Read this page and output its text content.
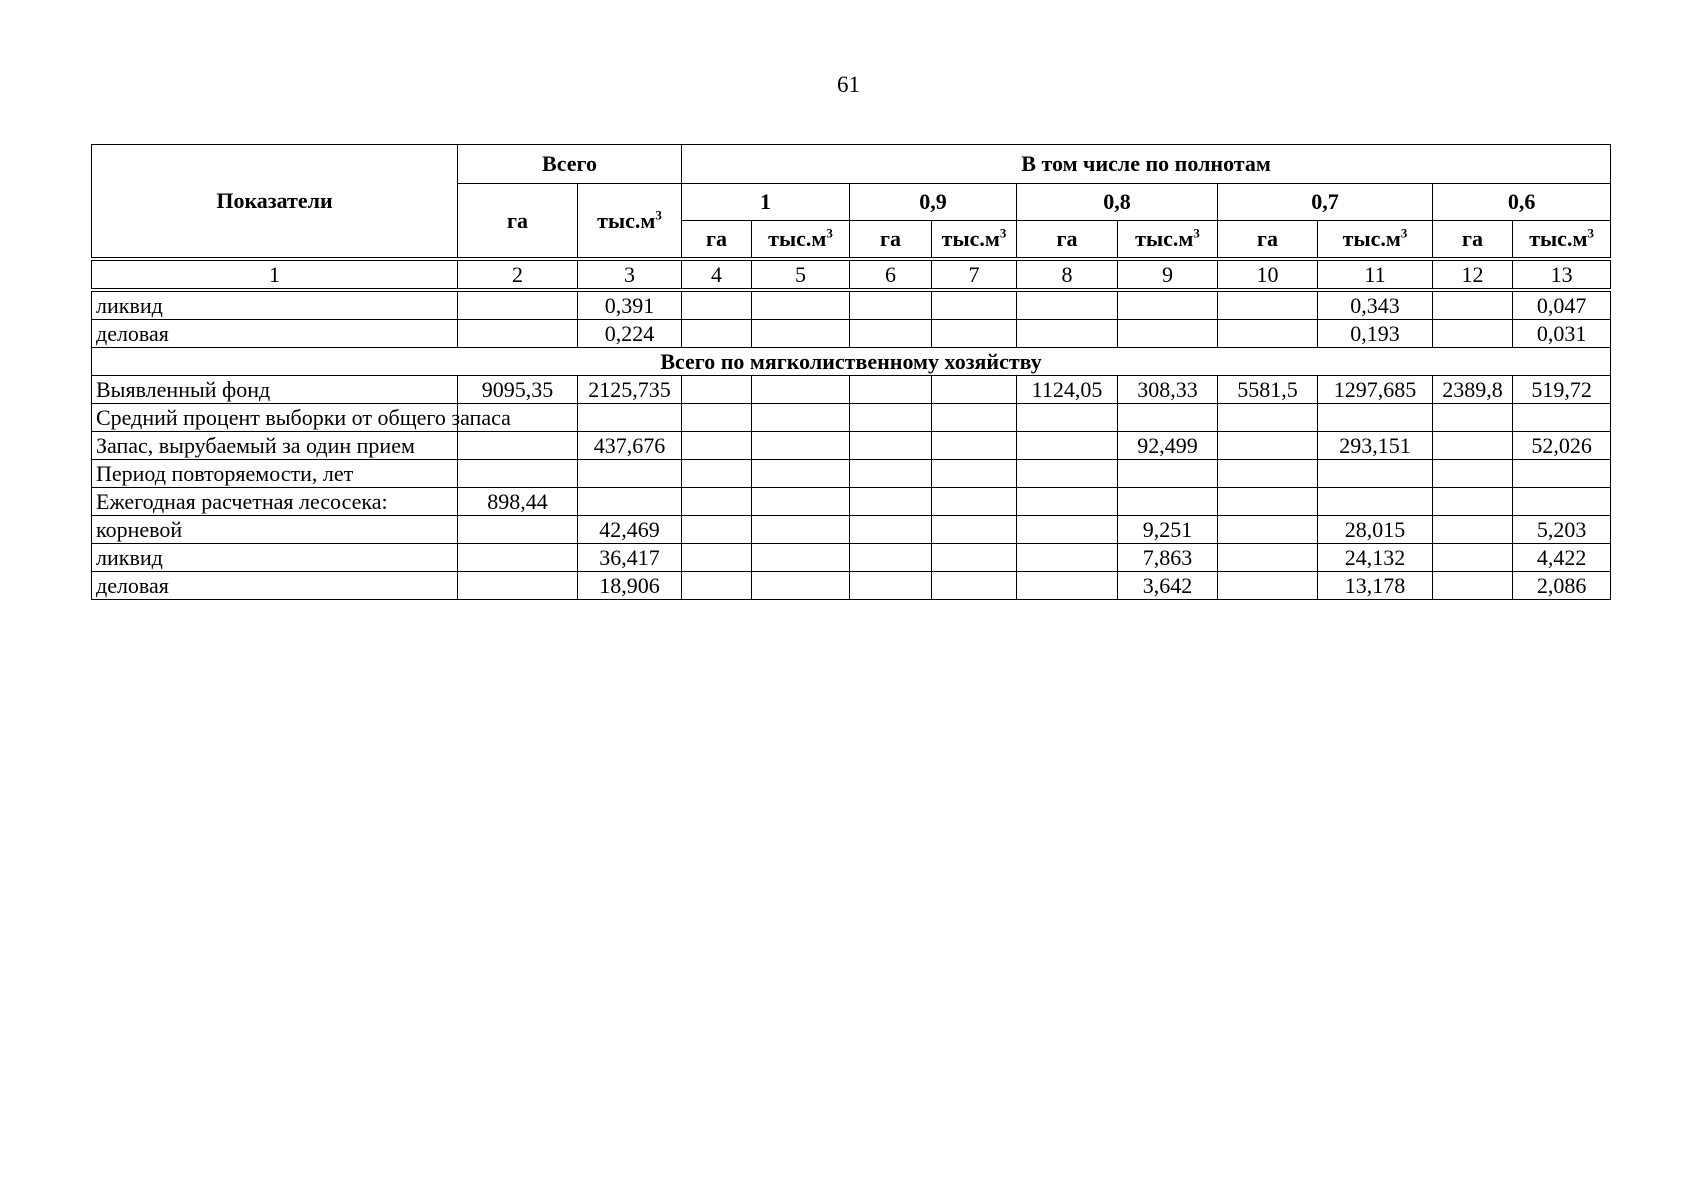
61
Показатели	Всего		В том числе по полнотам									
	га	$тыс.м^3$	1		0,9		0,8		0,7		0,6	
			га	$тыс.м^3$	га	$тыс.м^3$	га	$тыс.м^3$	га	$тыс.м^3$	га	$тыс.м^3$
1	2	3	4	5	6	7	8	9	10	11	12	13
ликвид		0,391								0,343		0,047
деловая		0,224								0,193		0,031
Всего по мягколиственному хозяйству												
Выявленный фонд	9095,35	2125,735					1124,05	308,33	5581,5	1297,685	2389,8	519,72
Средний процент выборки от общего запаса												
Запас, вырубаемый за один прием		437,676						92,499		293,151		52,026
Период повторяемости, лет												
Ежегодная расчетная лесосека:	898,44											
корневой		42,469						9,251		28,015		5,203
ликвид		36,417						7,863		24,132		4,422
деловая		18,906						3,642		13,178		2,086
